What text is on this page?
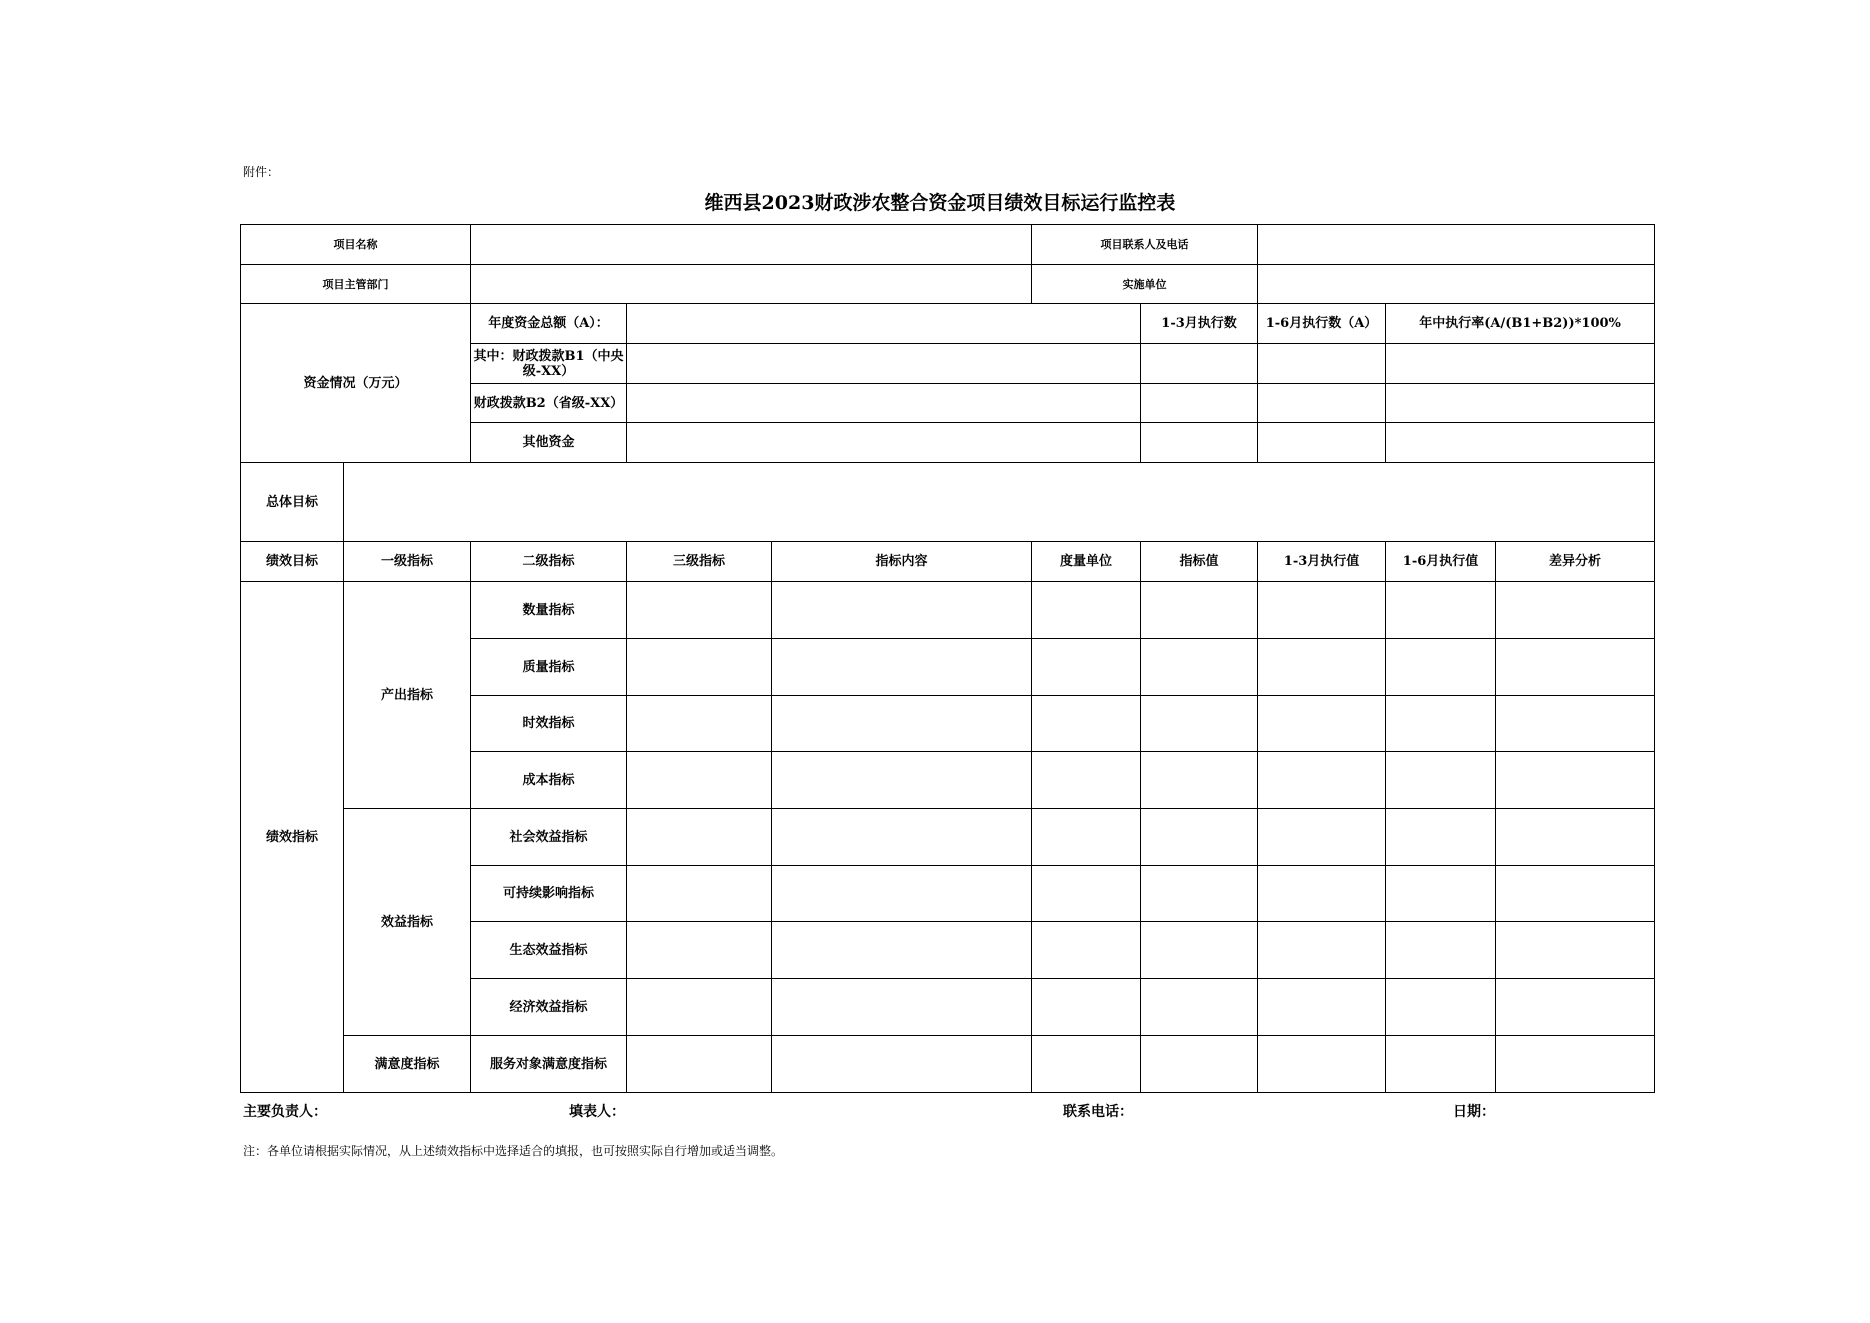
附件：
维西县2023财政涉农整合资金项目绩效目标运行监控表
项目名称					项目联系人及电话				
项目主管部门					实施单位				
资金情况（万元）		年度资金总额（A）：				1-3月执行数	1-6月执行数（A）	年中执行率(A/(B1+B2))*100%	
		其中：财政拨款B1（中央级-XX）							
		财政拨款B2（省级-XX）							
		其他资金							
总体目标									
绩效目标	一级指标	二级指标	三级指标	指标内容	度量单位	指标值	1-3月执行值	1-6月执行值	差异分析
绩效指标	产出指标	数量指标							
		质量指标							
		时效指标							
		成本指标							
	效益指标	社会效益指标							
		可持续影响指标							
		生态效益指标							
		经济效益指标							
	满意度指标	服务对象满意度指标							
主要负责人：	填表人：	联系电话：	日期：
注：各单位请根据实际情况，从上述绩效指标中选择适合的填报，也可按照实际自行增加或适当调整。
